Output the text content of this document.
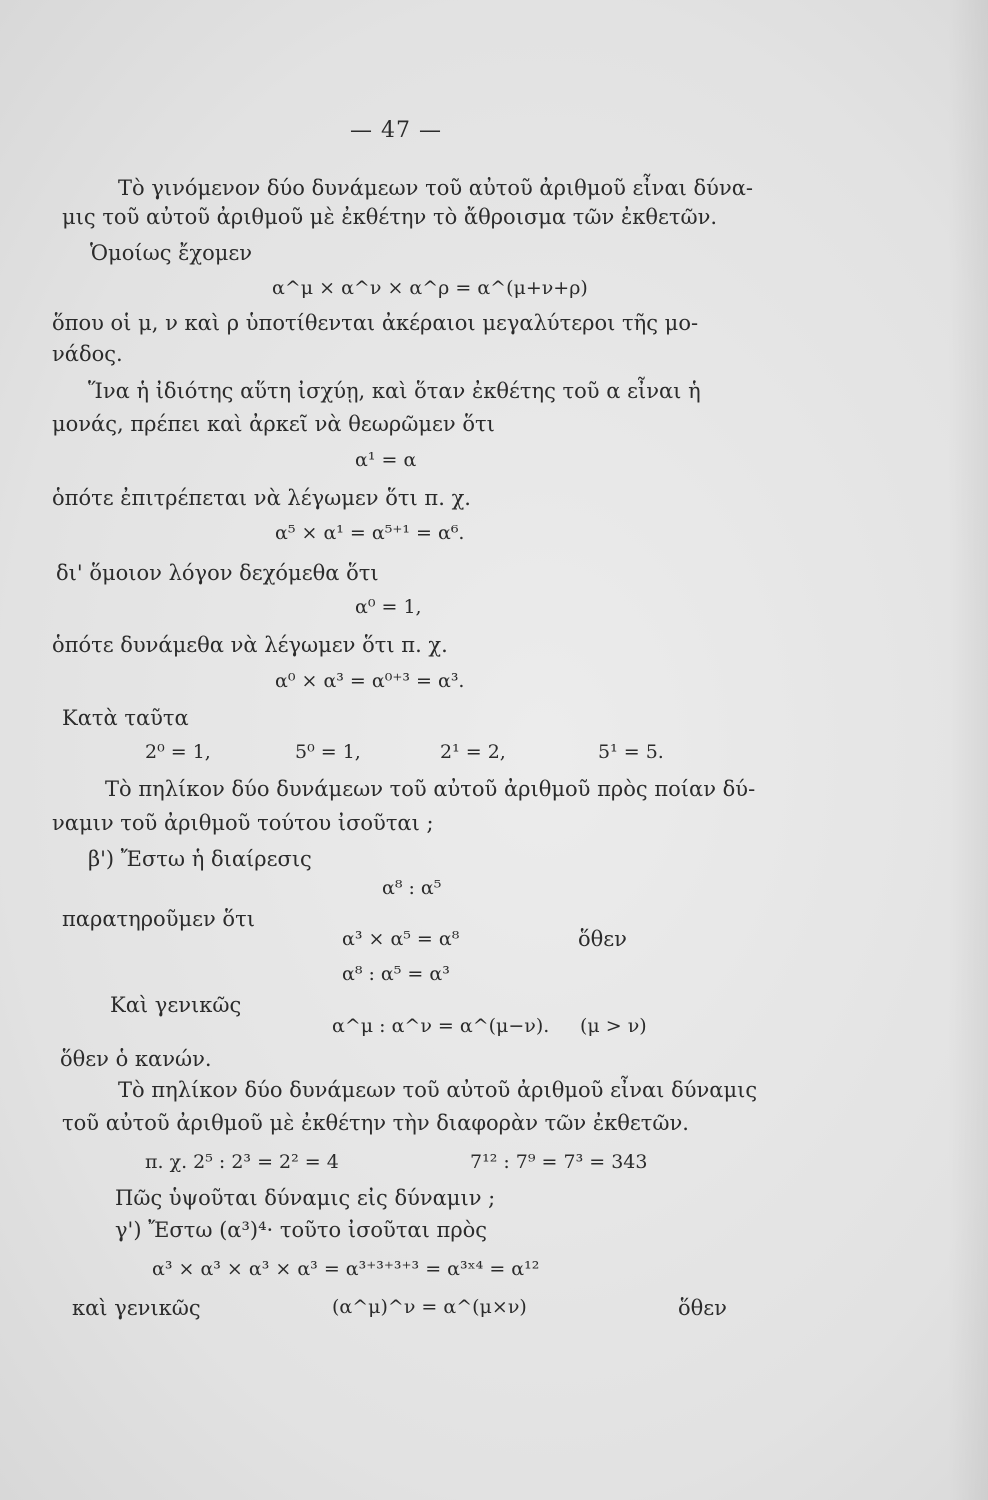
— 47 —
Τὸ γινόμενον δύο δυνάμεων τοῦ αὐτοῦ ἀριθμοῦ εἶναι δύνα-
μις τοῦ αὐτοῦ ἀριθμοῦ μὲ ἐκθέτην τὸ ἄθροισμα τῶν ἐκθετῶν.
Ὁμοίως ἔχομεν
α^μ × α^ν × α^ρ = α^(μ+ν+ρ)
ὅπου οἱ μ, ν καὶ ρ ὑποτίθενται ἀκέραιοι μεγαλύτεροι τῆς μο-
νάδος.
Ἵνα ἡ ἰδιότης αὕτη ἰσχύῃ, καὶ ὅταν ἐκθέτης τοῦ α εἶναι ἡ
μονάς, πρέπει καὶ ἀρκεῖ νὰ θεωρῶμεν ὅτι
α¹ = α
ὁπότε ἐπιτρέπεται νὰ λέγωμεν ὅτι π. χ.
α⁵ × α¹ = α⁵⁺¹ = α⁶.
δι' ὅμοιον λόγον δεχόμεθα ὅτι
α⁰ = 1,
ὁπότε δυνάμεθα νὰ λέγωμεν ὅτι π. χ.
α⁰ × α³ = α⁰⁺³ = α³.
Κατὰ ταῦτα
2⁰ = 1,	5⁰ = 1,	2¹ = 2,	5¹ = 5.
Τὸ πηλίκον δύο δυνάμεων τοῦ αὐτοῦ ἀριθμοῦ πρὸς ποίαν δύ-
ναμιν τοῦ ἀριθμοῦ τούτου ἰσοῦται ;
β') Ἔστω ἡ διαίρεσις
α⁸ : α⁵
παρατηροῦμεν ὅτι
α³ × α⁵ = α⁸	ὅθεν
α⁸ : α⁵ = α³
Καὶ γενικῶς
α^μ : α^ν = α^(μ−ν). (μ > ν)
ὅθεν ὁ κανών.
Τὸ πηλίκον δύο δυνάμεων τοῦ αὐτοῦ ἀριθμοῦ εἶναι δύναμις
τοῦ αὐτοῦ ἀριθμοῦ μὲ ἐκθέτην τὴν διαφορὰν τῶν ἐκθετῶν.
π. χ. 2⁵ : 2³ = 2² = 4	7¹² : 7⁹ = 7³ = 343
Πῶς ὑψοῦται δύναμις εἰς δύναμιν ;
γ') Ἔστω (α³)⁴· τοῦτο ἰσοῦται πρὸς
α³ × α³ × α³ × α³ = α³⁺³⁺³⁺³ = α³ˣ⁴ = α¹²
καὶ γενικῶς	(α^μ)^ν = α^(μ×ν)	ὅθεν
